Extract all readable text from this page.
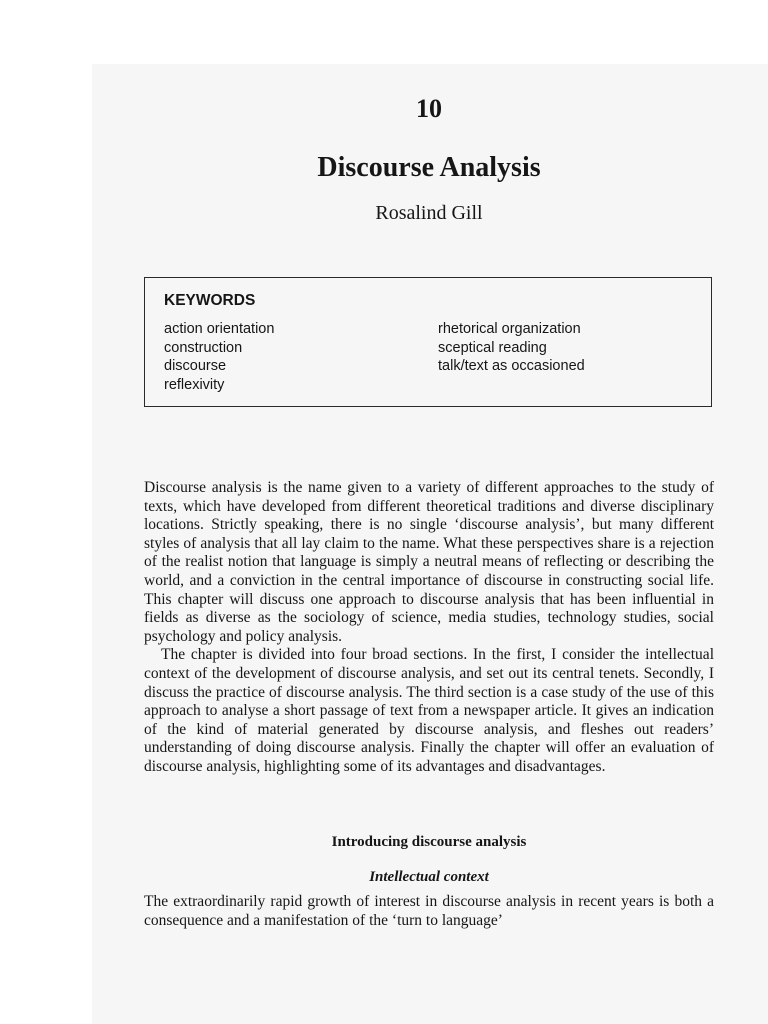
10
Discourse Analysis
Rosalind Gill
KEYWORDS
action orientation
construction
discourse
reflexivity
rhetorical organization
sceptical reading
talk/text as occasioned

Discourse analysis is the name given to a variety of different approaches to the study of texts, which have developed from different theoretical traditions and diverse disciplinary locations. Strictly speaking, there is no single ‘discourse analysis’, but many different styles of analysis that all lay claim to the name. What these perspectives share is a rejection of the realist notion that language is simply a neutral means of reflecting or describing the world, and a conviction in the central importance of discourse in constructing social life. This chapter will discuss one approach to discourse analysis that has been influential in fields as diverse as the sociology of science, media studies, technology studies, social psychology and policy analysis.

The chapter is divided into four broad sections. In the first, I consider the intellectual context of the development of discourse analysis, and set out its central tenets. Secondly, I discuss the practice of discourse analysis. The third section is a case study of the use of this approach to analyse a short passage of text from a newspaper article. It gives an indication of the kind of material generated by discourse analysis, and fleshes out readers’ understanding of doing discourse analysis. Finally the chapter will offer an evaluation of discourse analysis, highlighting some of its advantages and disadvantages.

Introducing discourse analysis
Intellectual context

The extraordinarily rapid growth of interest in discourse analysis in recent years is both a consequence and a manifestation of the ‘turn to language’
